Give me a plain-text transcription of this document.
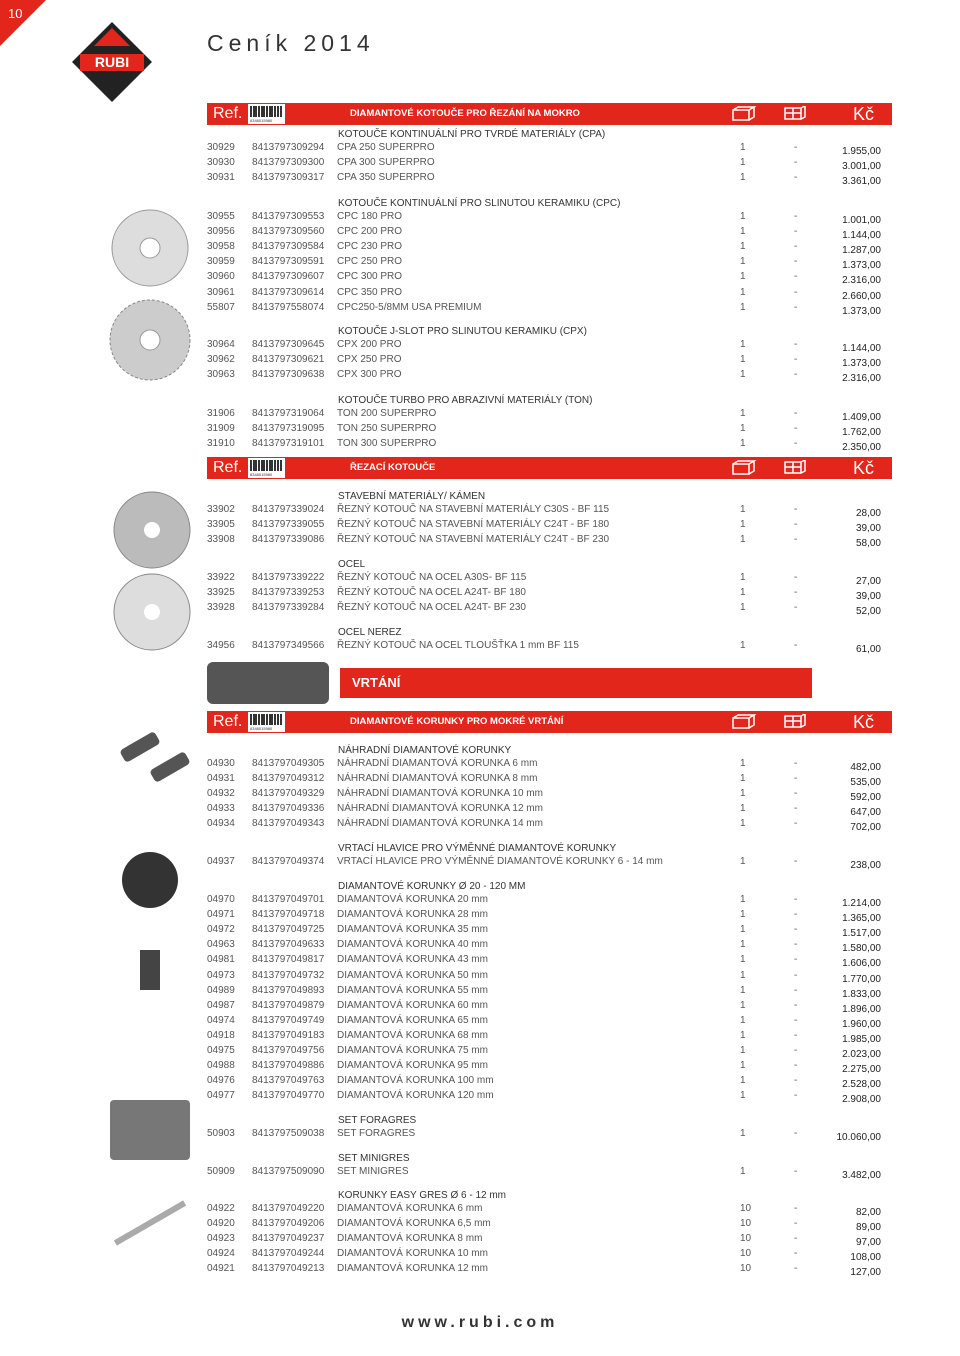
10
RUBI
Ceník 2014
Ref. 8348015980
DIAMANTOVÉ KOTOUČE PRO ŘEZÁNÍ NA MOKRO	Kč
Ref. 8348015980
ŘEZACÍ KOTOUČE	Kč
Ref. 8348015980
DIAMANTOVÉ KORUNKY PRO MOKRÉ VRTÁNÍ	Kč
KOTOUČE KONTINUÁLNÍ PRO TVRDÉ MATERIÁLY (CPA)
30929 8413797309294 CPA 250 SUPERPRO	1	-	1.955,00
30930 8413797309300 CPA 300 SUPERPRO	1	-	3.001,00
30931 8413797309317 CPA 350 SUPERPRO	1	-	3.361,00
KOTOUČE KONTINUÁLNÍ PRO SLINUTOU KERAMIKU (CPC)
30955 8413797309553 CPC 180 PRO	1	-	1.001,00
30956 8413797309560 CPC 200 PRO	1	-	1.144,00
30958 8413797309584 CPC 230 PRO	1	-	1.287,00
30959 8413797309591 CPC 250 PRO	1	-	1.373,00
30960 8413797309607 CPC 300 PRO	1	-	2.316,00
30961 8413797309614 CPC 350 PRO	1	-	2.660,00
55807 8413797558074 CPC250-5/8MM USA PREMIUM	1	-	1.373,00
KOTOUČE J-SLOT PRO SLINUTOU KERAMIKU (CPX)
30964 8413797309645 CPX 200 PRO	1	-	1.144,00
30962 8413797309621 CPX 250 PRO	1	-	1.373,00
30963 8413797309638 CPX 300 PRO	1	-	2.316,00
KOTOUČE TURBO PRO ABRAZIVNÍ MATERIÁLY (TON)
31906 8413797319064 TON 200 SUPERPRO	1	-	1.409,00
31909 8413797319095 TON 250 SUPERPRO	1	-	1.762,00
31910 8413797319101 TON 300 SUPERPRO	1	-	2.350,00
STAVEBNÍ MATERIÁLY/ KÁMEN
33902 8413797339024 ŘEZNÝ KOTOUČ NA STAVEBNÍ MATERIÁLY C30S - BF 115	1	-	28,00
33905 8413797339055 ŘEZNÝ KOTOUČ NA STAVEBNÍ MATERIÁLY C24T - BF 180	1	-	39,00
33908 8413797339086 ŘEZNÝ KOTOUČ NA STAVEBNÍ MATERIÁLY C24T - BF 230	1	-	58,00
OCEL
33922 8413797339222 ŘEZNÝ KOTOUČ NA OCEL A30S- BF 115	1	-	27,00
33925 8413797339253 ŘEZNÝ KOTOUČ NA OCEL A24T- BF 180	1	-	39,00
33928 8413797339284 ŘEZNÝ KOTOUČ NA OCEL A24T- BF 230	1	-	52,00
OCEL NEREZ
34956 8413797349566 ŘEZNÝ KOTOUČ NA OCEL TLOUŠŤKA 1 mm BF 115	1	-	61,00
NÁHRADNÍ DIAMANTOVÉ KORUNKY
04930 8413797049305 NÁHRADNÍ DIAMANTOVÁ KORUNKA 6 mm	1	-	482,00
04931 8413797049312 NÁHRADNÍ DIAMANTOVÁ KORUNKA 8 mm	1	-	535,00
04932 8413797049329 NÁHRADNÍ DIAMANTOVÁ KORUNKA 10 mm	1	-	592,00
04933 8413797049336 NÁHRADNÍ DIAMANTOVÁ KORUNKA 12 mm	1	-	647,00
04934 8413797049343 NÁHRADNÍ DIAMANTOVÁ KORUNKA 14 mm	1	-	702,00
VRTACÍ HLAVICE PRO VÝMĚNNÉ DIAMANTOVÉ KORUNKY
04937 8413797049374 VRTACÍ HLAVICE PRO VÝMĚNNÉ DIAMANTOVÉ KORUNKY 6 - 14 mm	1	-	238,00
DIAMANTOVÉ KORUNKY Ø 20 - 120 MM
04970 8413797049701 DIAMANTOVÁ KORUNKA 20 mm	1	-	1.214,00
04971 8413797049718 DIAMANTOVÁ KORUNKA 28 mm	1	-	1.365,00
04972 8413797049725 DIAMANTOVÁ KORUNKA 35 mm	1	-	1.517,00
04963 8413797049633 DIAMANTOVÁ KORUNKA 40 mm	1	-	1.580,00
04981 8413797049817 DIAMANTOVÁ KORUNKA 43 mm	1	-	1.606,00
04973 8413797049732 DIAMANTOVÁ KORUNKA 50 mm	1	-	1.770,00
04989 8413797049893 DIAMANTOVÁ KORUNKA 55 mm	1	-	1.833,00
04987 8413797049879 DIAMANTOVÁ KORUNKA 60 mm	1	-	1.896,00
04974 8413797049749 DIAMANTOVÁ KORUNKA 65 mm	1	-	1.960,00
04918 8413797049183 DIAMANTOVÁ KORUNKA 68 mm	1	-	1.985,00
04975 8413797049756 DIAMANTOVÁ KORUNKA 75 mm	1	-	2.023,00
04988 8413797049886 DIAMANTOVÁ KORUNKA 95 mm	1	-	2.275,00
04976 8413797049763 DIAMANTOVÁ KORUNKA 100 mm	1	-	2.528,00
04977 8413797049770 DIAMANTOVÁ KORUNKA 120 mm	1	-	2.908,00
SET FORAGRES
50903 8413797509038 SET FORAGRES	1	-	10.060,00
SET MINIGRES
50909 8413797509090 SET MINIGRES	1	-	3.482,00
KORUNKY EASY GRES Ø 6 - 12 mm
04922 8413797049220 DIAMANTOVÁ KORUNKA 6 mm	10	-	82,00
04920 8413797049206 DIAMANTOVÁ KORUNKA 6,5 mm	10	-	89,00
04923 8413797049237 DIAMANTOVÁ KORUNKA 8 mm	10	-	97,00
04924 8413797049244 DIAMANTOVÁ KORUNKA 10 mm	10	-	108,00
04921 8413797049213 DIAMANTOVÁ KORUNKA 12 mm	10	-	127,00
VRTÁNÍ
www.rubi.com
